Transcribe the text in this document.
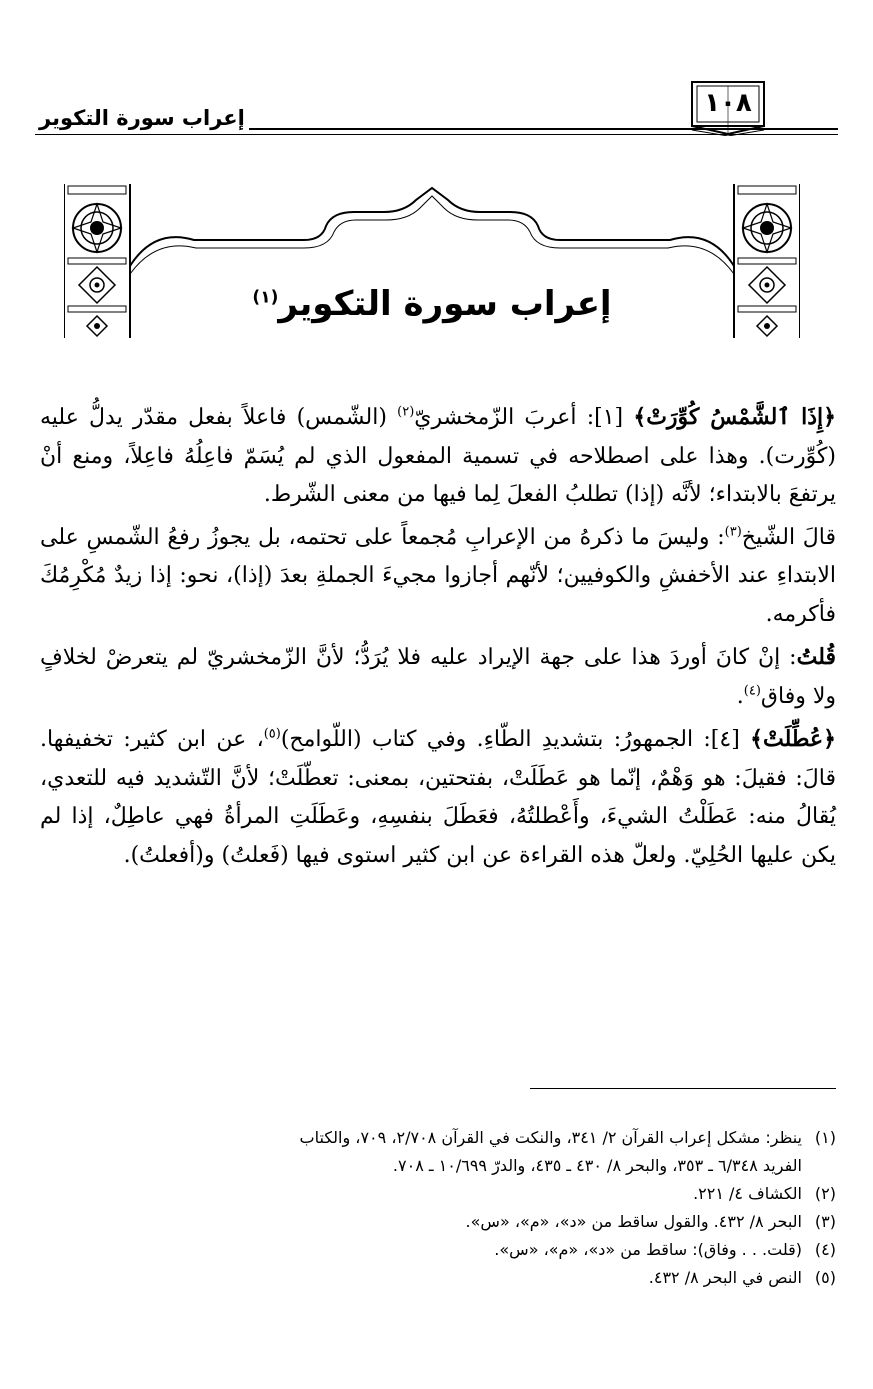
إعراب سورة التكوير	١٠٨
إعراب سورة التكوير$^{(١)}$

﴿إِذَا ٱلشَّمْسُ كُوِّرَتْ﴾ [١]: أعربَ الزّمخشريّ$^{(٢)}$ (الشّمس) فاعلاً بفعل مقدّر يدلُّ عليه (كُوِّرت). وهذا على اصطلاحه في تسمية المفعول الذي لم يُسَمّ فاعِلُهُ فاعِلاً، ومنع أنْ يرتفعَ بالابتداء؛ لأنَّه (إذا) تطلبُ الفعلَ لِما فيها من معنى الشّرط.

قالَ الشّيخ$^{(٣)}$: وليسَ ما ذكرهُ من الإعرابِ مُجمعاً على تحتمه، بل يجوزُ رفعُ الشّمسِ على الابتداءِ عند الأخفشِ والكوفيين؛ لأنّهم أجازوا مجيءَ الجملةِ بعدَ (إذا)، نحو: إذا زيدٌ مُكْرِمُكَ فأكرمه.

قُلتُ: إنْ كانَ أوردَ هذا على جهة الإيراد عليه فلا يُرَدُّ؛ لأنَّ الزّمخشريّ لم يتعرضْ لخلافٍ ولا وفاق$^{(٤)}$.

﴿عُطِّلَتْ﴾ [٤]: الجمهورُ: بتشديدِ الطّاءِ. وفي كتاب (اللّوامح)$^{(٥)}$، عن ابن كثير: تخفيفها. قالَ: فقيلَ: هو وَهْمٌ، إنّما هو عَطَلَتْ، بفتحتين، بمعنى: تعطّلَتْ؛ لأنَّ التّشديد فيه للتعدي، يُقالُ منه: عَطَلْتُ الشيءَ، وأَعْطلتُهُ، فعَطَلَ بنفسِهِ، وعَطَلَتِ المرأةُ فهي عاطِلٌ، إذا لم يكن عليها الحُلِيّ. ولعلّ هذه القراءة عن ابن كثير استوى فيها (فَعلتُ) و(أفعلتُ).

(١)ينظر: مشكل إعراب القرآن ٢/ ٣٤١، والنكت في القرآن ٢/٧٠٨، ٧٠٩، والكتاب

الفريد ٦/٣٤٨ ـ ٣٥٣، والبحر ٨/ ٤٣٠ ـ ٤٣٥، والدرّ ١٠/٦٩٩ ـ ٧٠٨.

(٢)الكشاف ٤/ ٢٢١.

(٣)البحر ٨/ ٤٣٢. والقول ساقط من «د»، «م»، «س».

(٤)(قلت. . . وفاق): ساقط من «د»، «م»، «س».

(٥)النص في البحر ٨/ ٤٣٢.
